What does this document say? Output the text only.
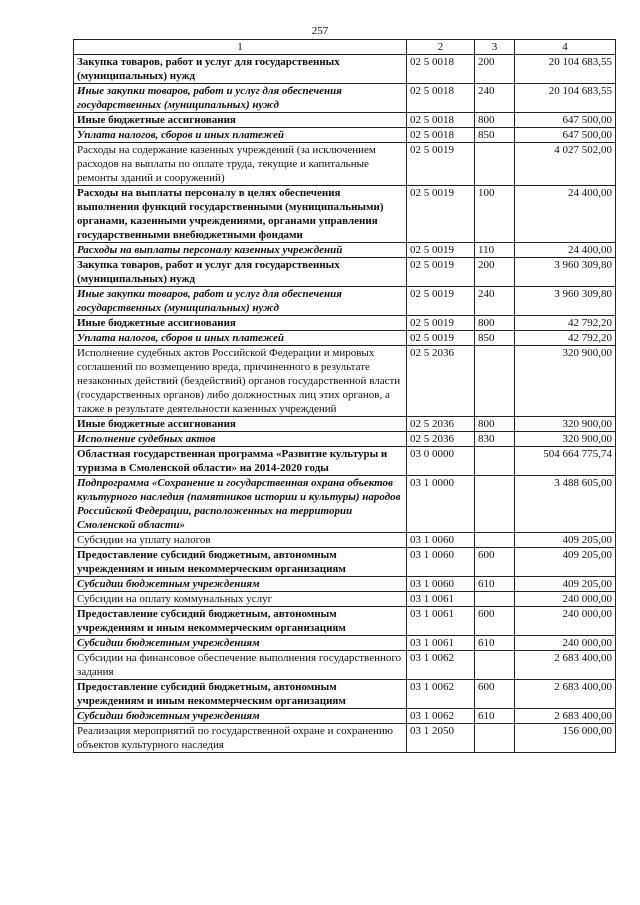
257
1	2	3	4
Закупка товаров, работ и услуг для государственных (муниципальных) нужд	02 5 0018	200	20 104 683,55
Иные закупки товаров, работ и услуг для обеспечения государственных (муниципальных) нужд	02 5 0018	240	20 104 683,55
Иные бюджетные ассигнования	02 5 0018	800	647 500,00
Уплата налогов, сборов и иных платежей	02 5 0018	850	647 500,00
Расходы на содержание казенных учреждений (за исключением расходов на выплаты по оплате труда, текущие и капитальные ремонты зданий и сооружений)	02 5 0019		4 027 502,00
Расходы на выплаты персоналу в целях обеспечения выполнения функций государственными (муниципальными) органами, казенными учреждениями, органами управления государственными внебюджетными фондами	02 5 0019	100	24 400,00
Расходы на выплаты персоналу казенных учреждений	02 5 0019	110	24 400,00
Закупка товаров, работ и услуг для государственных (муниципальных) нужд	02 5 0019	200	3 960 309,80
Иные закупки товаров, работ и услуг для обеспечения государственных (муниципальных) нужд	02 5 0019	240	3 960 309,80
Иные бюджетные ассигнования	02 5 0019	800	42 792,20
Уплата налогов, сборов и иных платежей	02 5 0019	850	42 792,20
Исполнение судебных актов Российской Федерации и мировых соглашений по возмещению вреда, причиненного в результате незаконных действий (бездействий) органов государственной власти (государственных органов) либо должностных лиц этих органов, а также в результате деятельности казенных учреждений	02 5 2036		320 900,00
Иные бюджетные ассигнования	02 5 2036	800	320 900,00
Исполнение судебных актов	02 5 2036	830	320 900,00
Областная государственная программа «Развитие культуры и туризма в Смоленской области» на 2014-2020 годы	03 0 0000		504 664 775,74
Подпрограмма «Сохранение и государственная охрана объектов культурного наследия (памятников истории и культуры) народов Российской Федерации, расположенных на территории Смоленской области»	03 1 0000		3 488 605,00
Субсидии на уплату налогов	03 1 0060		409 205,00
Предоставление субсидий бюджетным, автономным учреждениям и иным некоммерческим организациям	03 1 0060	600	409 205,00
Субсидии бюджетным учреждениям	03 1 0060	610	409 205,00
Субсидии на оплату коммунальных услуг	03 1 0061		240 000,00
Предоставление субсидий бюджетным, автономным учреждениям и иным некоммерческим организациям	03 1 0061	600	240 000,00
Субсидии бюджетным учреждениям	03 1 0061	610	240 000,00
Субсидии на финансовое обеспечение выполнения государственного задания	03 1 0062		2 683 400,00
Предоставление субсидий бюджетным, автономным учреждениям и иным некоммерческим организациям	03 1 0062	600	2 683 400,00
Субсидии бюджетным учреждениям	03 1 0062	610	2 683 400,00
Реализация мероприятий по государственной охране и сохранению объектов культурного наследия	03 1 2050		156 000,00
